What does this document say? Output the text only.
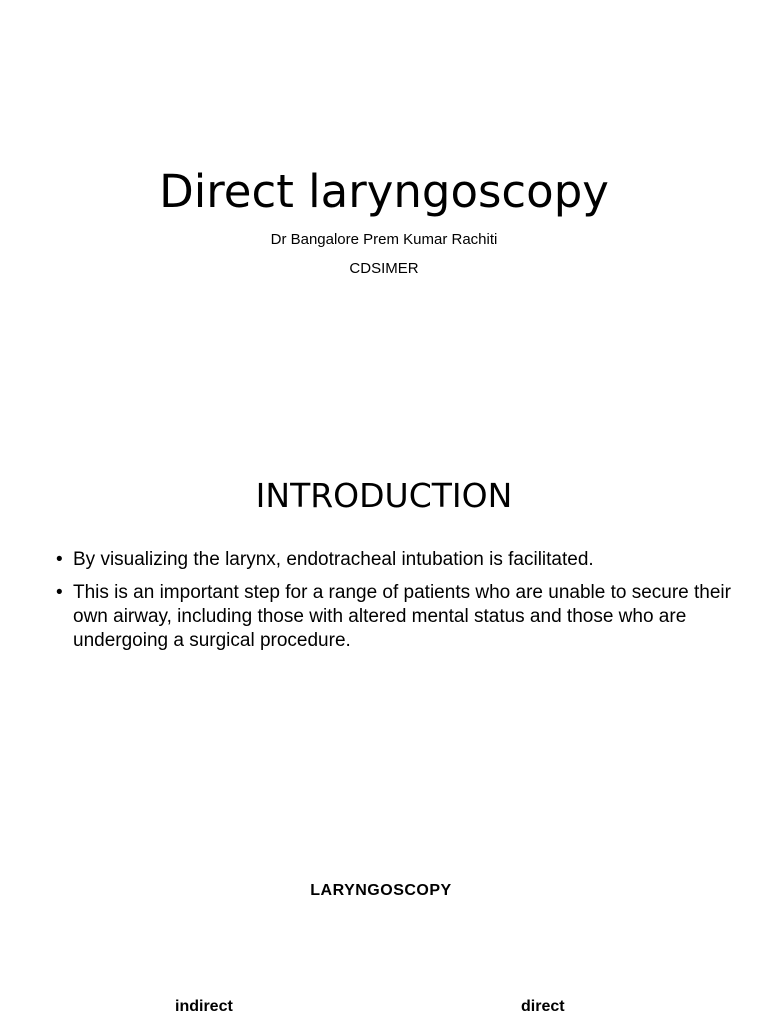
Direct laryngoscopy
Dr Bangalore Prem Kumar Rachiti
CDSIMER
INTRODUCTION
• By visualizing the larynx, endotracheal intubation is facilitated.
• This is an important step for a range of patients who are unable to secure their own airway, including those with altered mental status and those who are undergoing a surgical procedure.
LARYNGOSCOPY
indirect	direct
